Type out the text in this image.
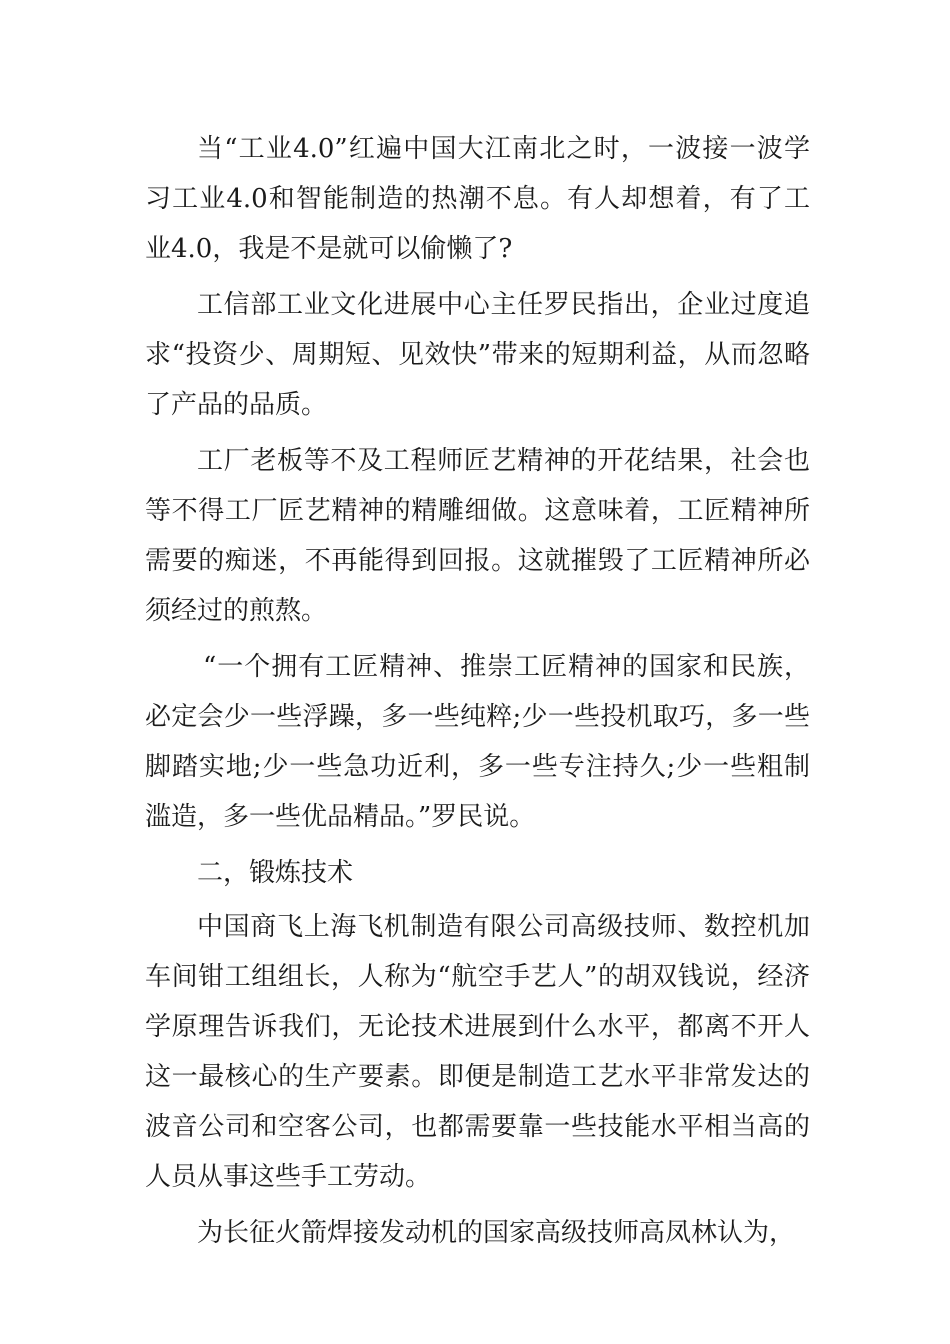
当“工业4.0”红遍中国大江南北之时，一波接一波学习工业4.0和智能制造的热潮不息。有人却想着，有了工业4.0，我是不是就可以偷懒了?

工信部工业文化进展中心主任罗民指出，企业过度追求“投资少、周期短、见效快”带来的短期利益，从而忽略了产品的品质。

工厂老板等不及工程师匠艺精神的开花结果，社会也等不得工厂匠艺精神的精雕细做。这意味着，工匠精神所需要的痴迷，不再能得到回报。这就摧毁了工匠精神所必须经过的煎熬。

“一个拥有工匠精神、推崇工匠精神的国家和民族，必定会少一些浮躁，多一些纯粹;少一些投机取巧，多一些脚踏实地;少一些急功近利，多一些专注持久;少一些粗制滥造，多一些优品精品。”罗民说。

二，锻炼技术

中国商飞上海飞机制造有限公司高级技师、数控机加车间钳工组组长，人称为“航空手艺人”的胡双钱说，经济学原理告诉我们，无论技术进展到什么水平，都离不开人这一最核心的生产要素。即便是制造工艺水平非常发达的波音公司和空客公司，也都需要靠一些技能水平相当高的人员从事这些手工劳动。

为长征火箭焊接发动机的国家高级技师高凤林认为，
